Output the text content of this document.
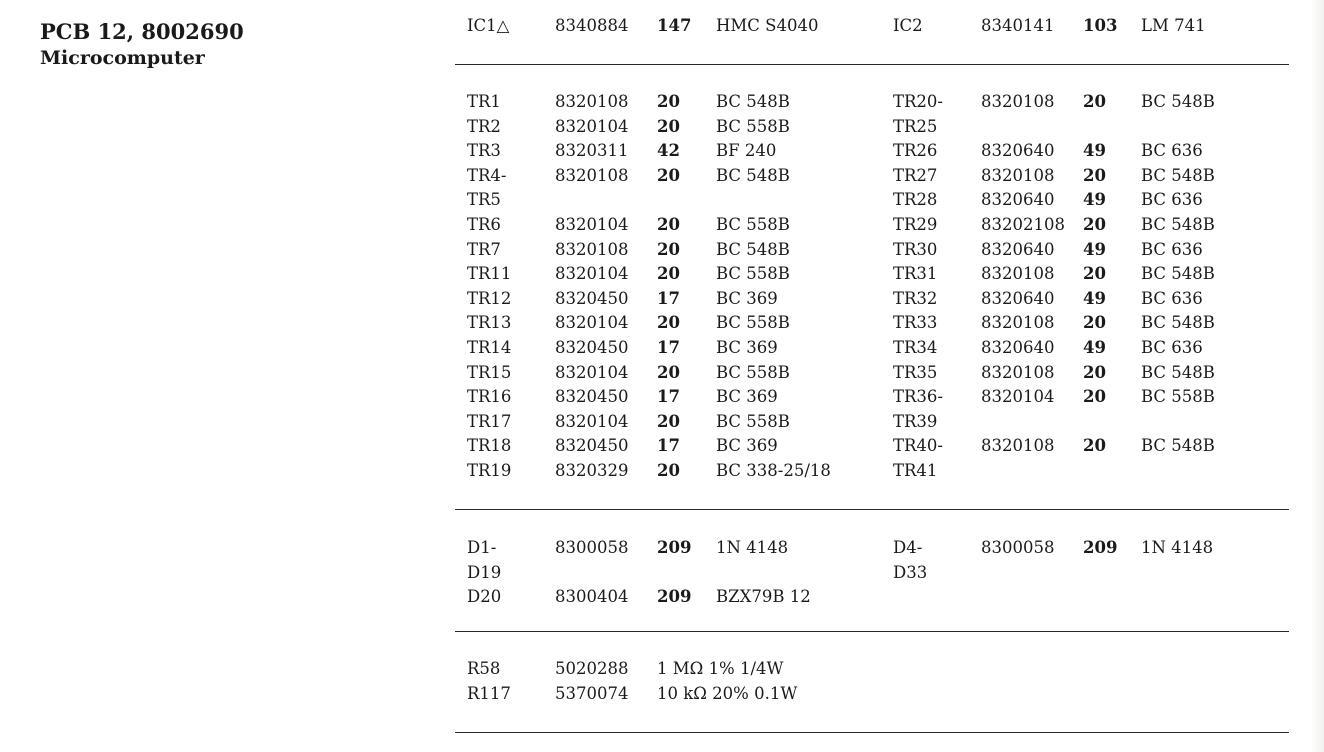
PCB 12, 8002690
Microcomputer
IC1△	8340884 147 HMC S4040	IC2	8340141 103 LM 741
TR1	8320108 20 BC 548B	TR20- 8320108 20 BC 548B
TR2	8320104 20 BC 558B	TR25
TR3	8320311 42 BF 240	TR26	8320640 49 BC 636
TR4-	8320108 20 BC 548B	TR27	8320108 20 BC 548B
TR5	TR28	8320640 49 BC 636
TR6	8320104 20 BC 558B	TR29	83202108 20 BC 548B
TR7	8320108 20 BC 548B	TR30	8320640 49 BC 636
TR11	8320104 20 BC 558B	TR31	8320108 20 BC 548B
TR12	8320450 17 BC 369	TR32	8320640 49 BC 636
TR13	8320104 20 BC 558B	TR33	8320108 20 BC 548B
TR14	8320450 17 BC 369	TR34	8320640 49 BC 636
TR15	8320104 20 BC 558B	TR35	8320108 20 BC 548B
TR16	8320450 17 BC 369	TR36- 8320104 20 BC 558B
TR17	8320104 20 BC 558B	TR39
TR18	8320450 17 BC 369	TR40- 8320108 20 BC 548B
TR19	8320329 20 BC 338-25/18	TR41
D1-	8300058 209 1N 4148	D4-	8300058 209 1N 4148
D19	D33
D20	8300404 209 BZX79B 12
R58	5020288 1 MΩ 1% 1/4W
R117	5370074 10 kΩ 20% 0.1W
